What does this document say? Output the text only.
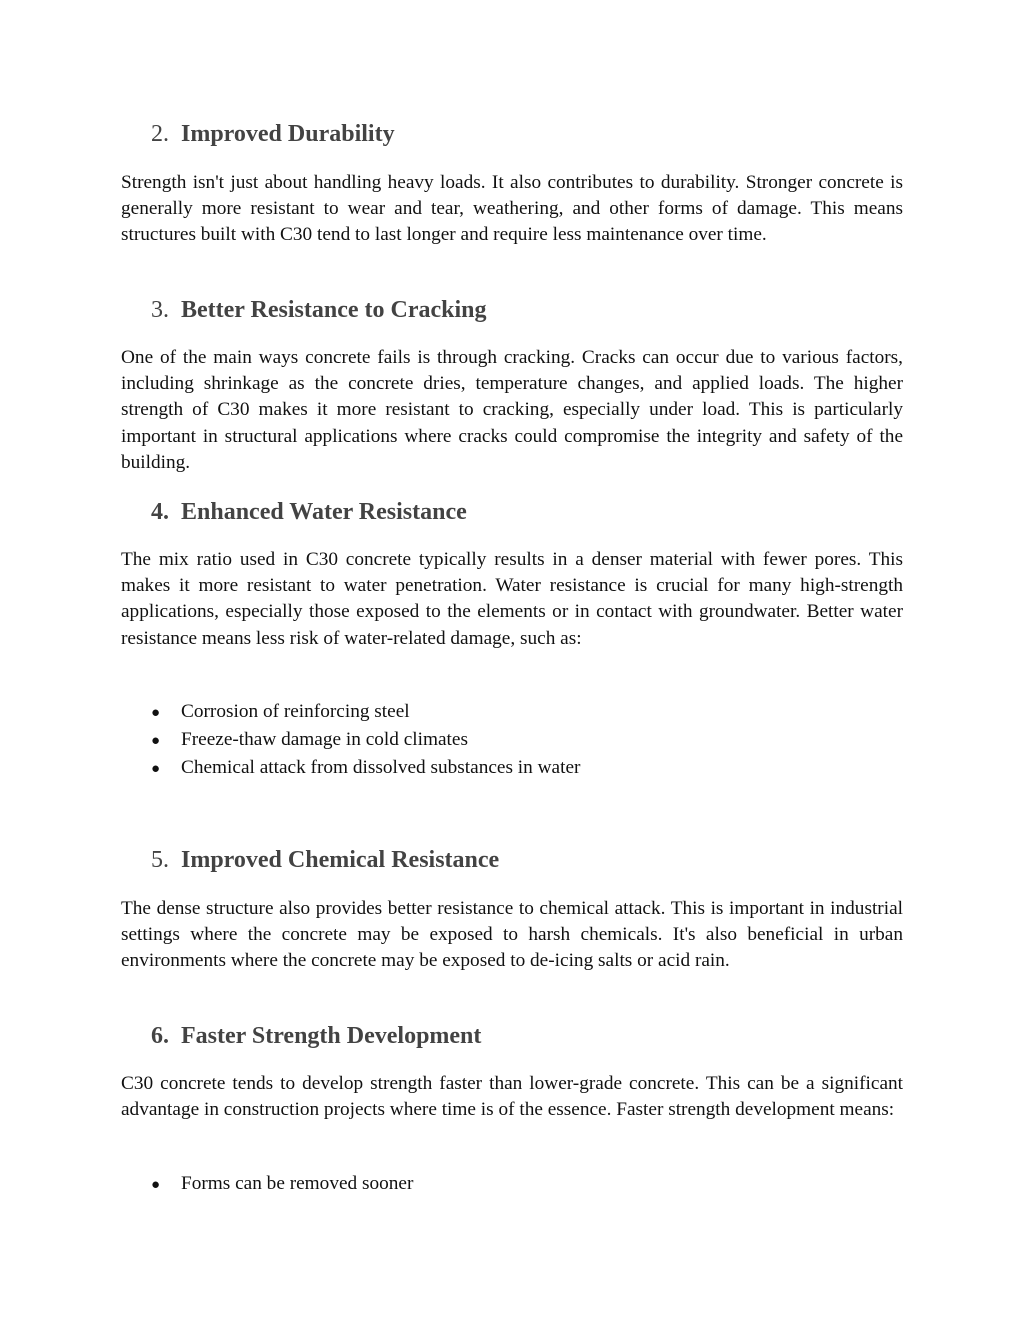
2. Improved Durability

Strength isn't just about handling heavy loads. It also contributes to durability. Stronger concrete is generally more resistant to wear and tear, weathering, and other forms of damage. This means structures built with C30 tend to last longer and require less maintenance over time.

3. Better Resistance to Cracking

One of the main ways concrete fails is through cracking. Cracks can occur due to various factors, including shrinkage as the concrete dries, temperature changes, and applied loads. The higher strength of C30 makes it more resistant to cracking, especially under load. This is particularly important in structural applications where cracks could compromise the integrity and safety of the building.

4. Enhanced Water Resistance

The mix ratio used in C30 concrete typically results in a denser material with fewer pores. This makes it more resistant to water penetration. Water resistance is crucial for many high-strength applications, especially those exposed to the elements or in contact with groundwater. Better water resistance means less risk of water-related damage, such as:

●	Corrosion of reinforcing steel
●	Freeze-thaw damage in cold climates
●	Chemical attack from dissolved substances in water
5. Improved Chemical Resistance

The dense structure also provides better resistance to chemical attack. This is important in industrial settings where the concrete may be exposed to harsh chemicals. It's also beneficial in urban environments where the concrete may be exposed to de-icing salts or acid rain.

6. Faster Strength Development

C30 concrete tends to develop strength faster than lower-grade concrete. This can be a significant advantage in construction projects where time is of the essence. Faster strength development means:

●	Forms can be removed sooner
